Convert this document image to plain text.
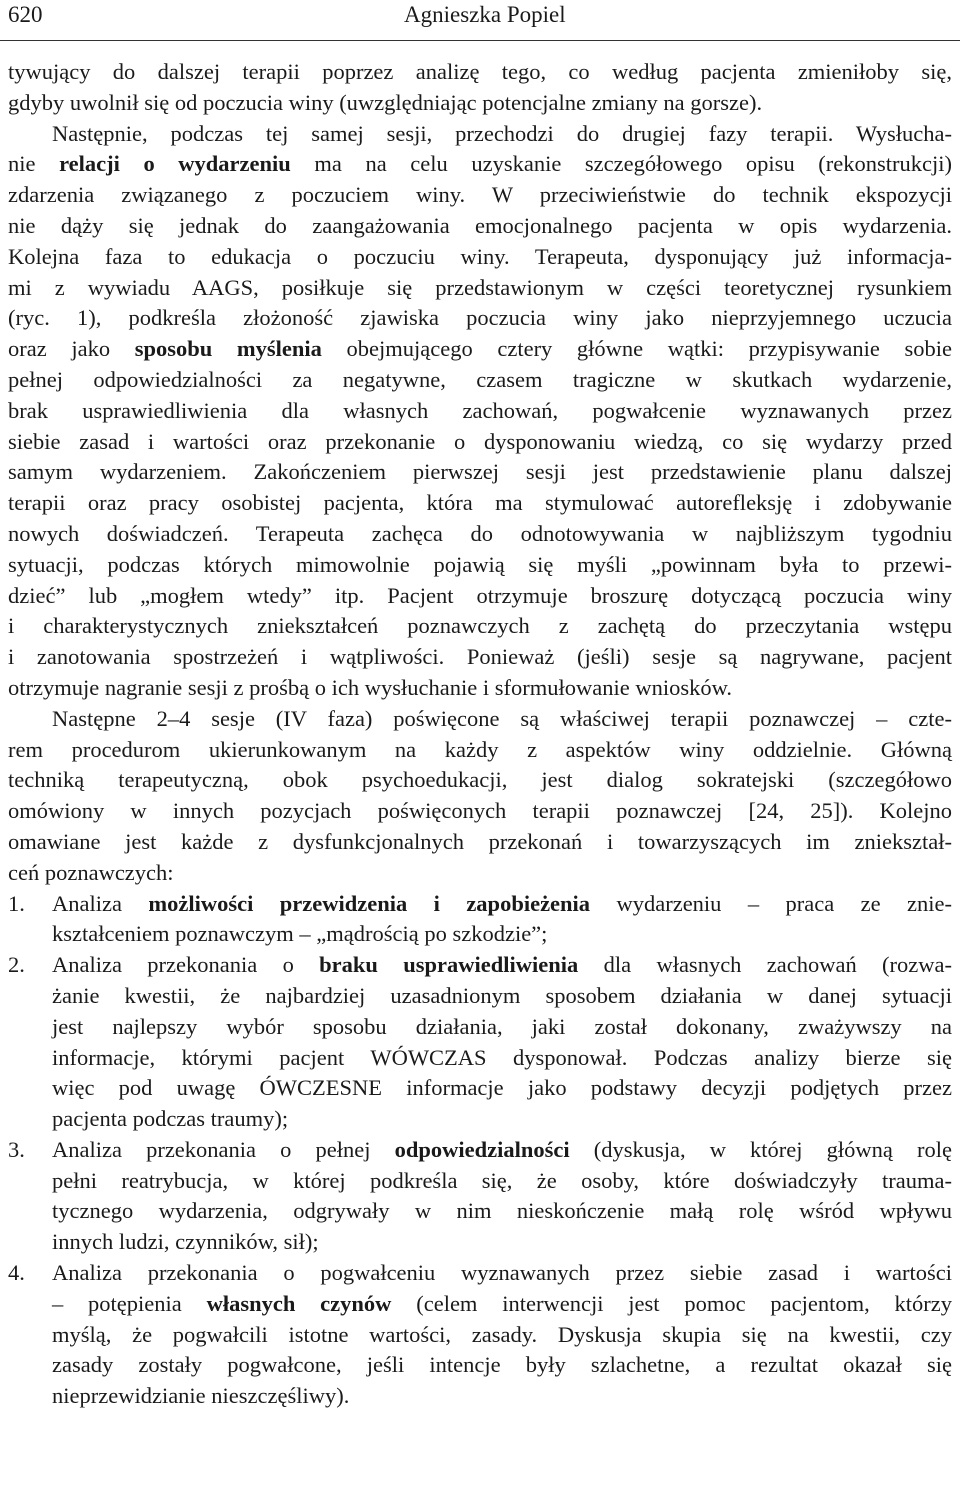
620	Agnieszka Popiel
tywujący do dalszej terapii poprzez analizę tego, co według pacjenta zmieniłoby się,
gdyby uwolnił się od poczucia winy (uwzględniając potencjalne zmiany na gorsze).
Następnie, podczas tej samej sesji, przechodzi do drugiej fazy terapii. Wysłucha-
nie relacji o wydarzeniu ma na celu uzyskanie szczegółowego opisu (rekonstrukcji)
zdarzenia związanego z poczuciem winy. W przeciwieństwie do technik ekspozycji
nie dąży się jednak do zaangażowania emocjonalnego pacjenta w opis wydarzenia.
Kolejna faza to edukacja o poczuciu winy. Terapeuta, dysponujący już informacja-
mi z wywiadu AAGS, posiłkuje się przedstawionym w części teoretycznej rysunkiem
(ryc. 1), podkreśla złożoność zjawiska poczucia winy jako nieprzyjemnego uczucia
oraz jako sposobu myślenia obejmującego cztery główne wątki: przypisywanie sobie
pełnej odpowiedzialności za negatywne, czasem tragiczne w skutkach wydarzenie,
brak usprawiedliwienia dla własnych zachowań, pogwałcenie wyznawanych przez
siebie zasad i wartości oraz przekonanie o dysponowaniu wiedzą, co się wydarzy przed
samym wydarzeniem. Zakończeniem pierwszej sesji jest przedstawienie planu dalszej
terapii oraz pracy osobistej pacjenta, która ma stymulować autorefleksję i zdobywanie
nowych doświadczeń. Terapeuta zachęca do odnotowywania w najbliższym tygodniu
sytuacji, podczas których mimowolnie pojawią się myśli „powinnam była to przewi-
dzieć” lub „mogłem wtedy” itp. Pacjent otrzymuje broszurę dotyczącą poczucia winy
i charakterystycznych zniekształceń poznawczych z zachętą do przeczytania wstępu
i zanotowania spostrzeżeń i wątpliwości. Ponieważ (jeśli) sesje są nagrywane, pacjent
otrzymuje nagranie sesji z prośbą o ich wysłuchanie i sformułowanie wniosków.
Następne 2–4 sesje (IV faza) poświęcone są właściwej terapii poznawczej – czte-
rem procedurom ukierunkowanym na każdy z aspektów winy oddzielnie. Główną
techniką terapeutyczną, obok psychoedukacji, jest dialog sokratejski (szczegółowo
omówiony w innych pozycjach poświęconych terapii poznawczej [24, 25]). Kolejno
omawiane jest każde z dysfunkcjonalnych przekonań i towarzyszących im zniekształ-
ceń poznawczych:
1.	Analiza możliwości przewidzenia i zapobieżenia wydarzeniu – praca ze znie-
kształceniem poznawczym – „mądrością po szkodzie”;
2.	Analiza przekonania o braku usprawiedliwienia dla własnych zachowań (rozwa-
żanie kwestii, że najbardziej uzasadnionym sposobem działania w danej sytuacji
jest najlepszy wybór sposobu działania, jaki został dokonany, zważywszy na
informacje, którymi pacjent WÓWCZAS dysponował. Podczas analizy bierze się
więc pod uwagę ÓWCZESNE informacje jako podstawy decyzji podjętych przez
pacjenta podczas traumy);
3.	Analiza przekonania o pełnej odpowiedzialności (dyskusja, w której główną rolę
pełni reatrybucja, w której podkreśla się, że osoby, które doświadczyły trauma-
tycznego wydarzenia, odgrywały w nim nieskończenie małą rolę wśród wpływu
innych ludzi, czynników, sił);
4.	Analiza przekonania o pogwałceniu wyznawanych przez siebie zasad i wartości
– potępienia własnych czynów (celem interwencji jest pomoc pacjentom, którzy
myślą, że pogwałcili istotne wartości, zasady. Dyskusja skupia się na kwestii, czy
zasady zostały pogwałcone, jeśli intencje były szlachetne, a rezultat okazał się
nieprzewidzianie nieszczęśliwy).
